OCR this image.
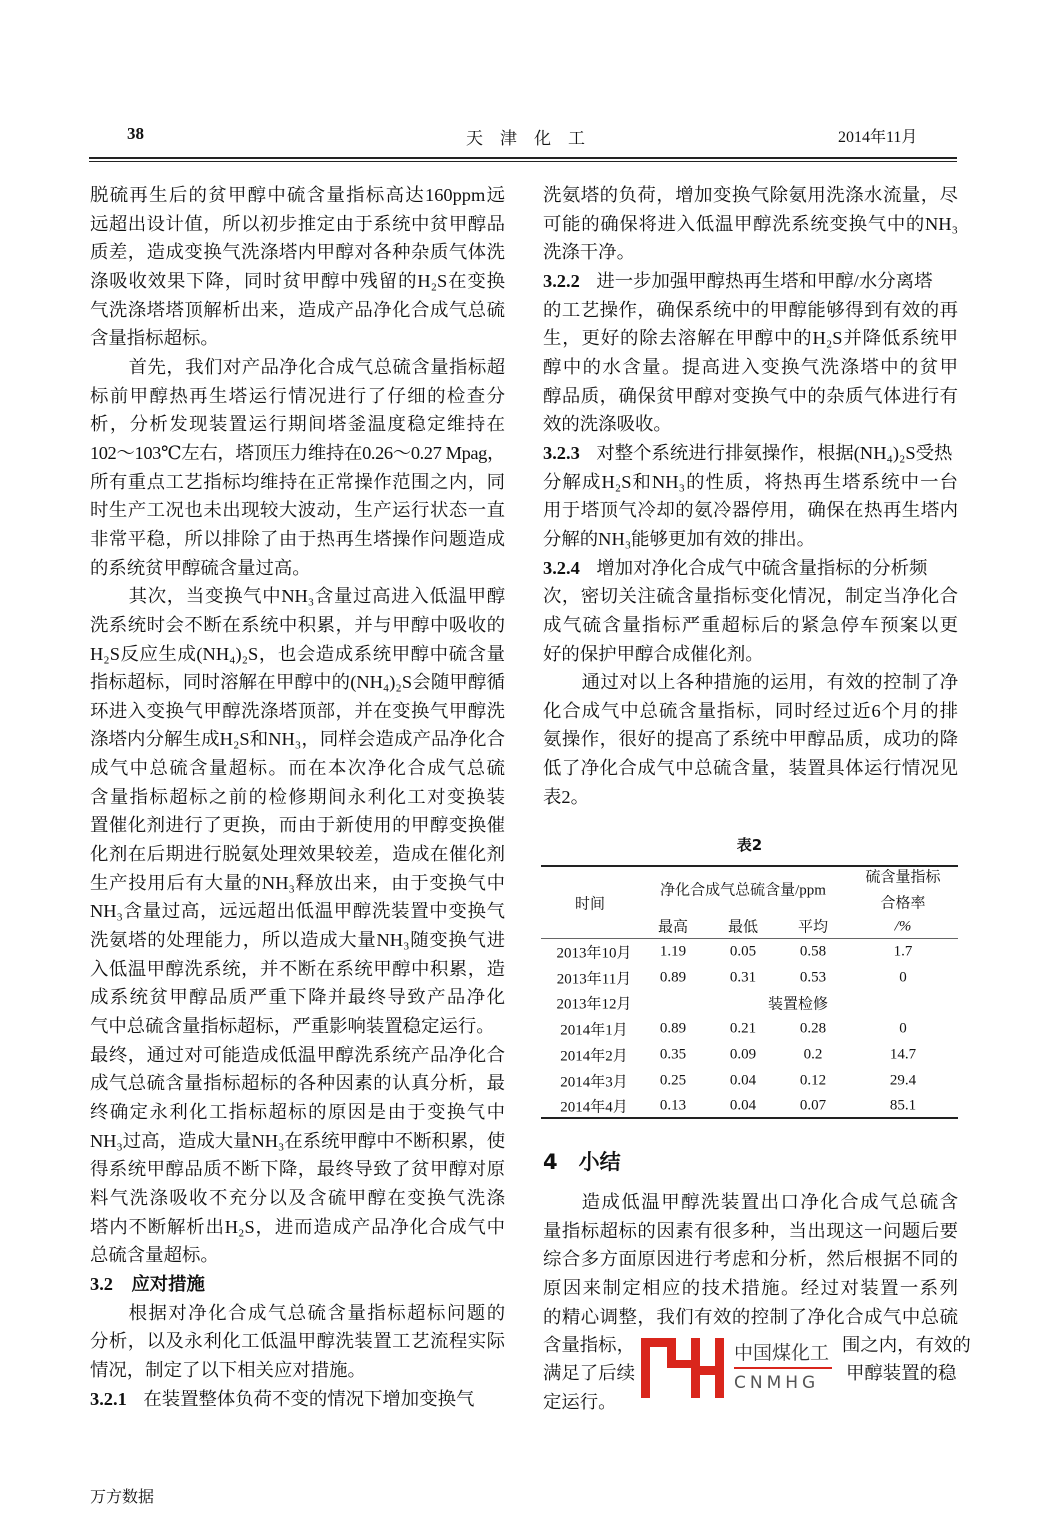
38	天　津　化　工	2014年11月
脱硫再生后的贫甲醇中硫含量指标高达160ppm远
远超出设计值，所以初步推定由于系统中贫甲醇品
质差，造成变换气洗涤塔内甲醇对各种杂质气体洗
涤吸收效果下降，同时贫甲醇中残留的H₂S在变换
气洗涤塔塔顶解析出来，造成产品净化合成气总硫
含量指标超标。
首先，我们对产品净化合成气总硫含量指标超
标前甲醇热再生塔运行情况进行了仔细的检查分
析，分析发现装置运行期间塔釜温度稳定维持在
102～103℃左右，塔顶压力维持在0.26～0.27 Mpag，
所有重点工艺指标均维持在正常操作范围之内，同
时生产工况也未出现较大波动，生产运行状态一直
非常平稳，所以排除了由于热再生塔操作问题造成
的系统贫甲醇硫含量过高。
其次，当变换气中NH₃含量过高进入低温甲醇
洗系统时会不断在系统中积累，并与甲醇中吸收的
H₂S反应生成(NH₄)₂S，也会造成系统甲醇中硫含量
指标超标，同时溶解在甲醇中的(NH₄)₂S会随甲醇循
环进入变换气甲醇洗涤塔顶部，并在变换气甲醇洗
涤塔内分解生成H₂S和NH₃，同样会造成产品净化合
成气中总硫含量超标。而在本次净化合成气总硫
含量指标超标之前的检修期间永利化工对变换装
置催化剂进行了更换，而由于新使用的甲醇变换催
化剂在后期进行脱氨处理效果较差，造成在催化剂
生产投用后有大量的NH₃释放出来，由于变换气中
NH₃含量过高，远远超出低温甲醇洗装置中变换气
洗氨塔的处理能力，所以造成大量NH₃随变换气进
入低温甲醇洗系统，并不断在系统甲醇中积累，造
成系统贫甲醇品质严重下降并最终导致产品净化
气中总硫含量指标超标，严重影响装置稳定运行。
最终，通过对可能造成低温甲醇洗系统产品净化合
成气总硫含量指标超标的各种因素的认真分析，最
终确定永利化工指标超标的原因是由于变换气中
NH₃过高，造成大量NH₃在系统甲醇中不断积累，使
得系统甲醇品质不断下降，最终导致了贫甲醇对原
料气洗涤吸收不充分以及含硫甲醇在变换气洗涤
塔内不断解析出H₂S，进而造成产品净化合成气中
总硫含量超标。
3.2　应对措施
根据对净化合成气总硫含量指标超标问题的
分析，以及永利化工低温甲醇洗装置工艺流程实际
情况，制定了以下相关应对措施。
3.2.1 在装置整体负荷不变的情况下增加变换气
洗氨塔的负荷，增加变换气除氨用洗涤水流量，尽
可能的确保将进入低温甲醇洗系统变换气中的NH₃
洗涤干净。
3.2.2 进一步加强甲醇热再生塔和甲醇/水分离塔
的工艺操作，确保系统中的甲醇能够得到有效的再
生，更好的除去溶解在甲醇中的H₂S并降低系统甲
醇中的水含量。提高进入变换气洗涤塔中的贫甲
醇品质，确保贫甲醇对变换气中的杂质气体进行有
效的洗涤吸收。
3.2.3 对整个系统进行排氨操作，根据(NH₄)₂S受热
分解成H₂S和NH₃的性质，将热再生塔系统中一台
用于塔顶气冷却的氨冷器停用，确保在热再生塔内
分解的NH₃能够更加有效的排出。
3.2.4 增加对净化合成气中硫含量指标的分析频
次，密切关注硫含量指标变化情况，制定当净化合
成气硫含量指标严重超标后的紧急停车预案以更
好的保护甲醇合成催化剂。
通过对以上各种措施的运用，有效的控制了净
化合成气中总硫含量指标，同时经过近6个月的排
氨操作，很好的提高了系统中甲醇品质，成功的降
低了净化合成气中总硫含量，装置具体运行情况见
表2。
表2
时间
净化合成气总硫含量/ppm
最高	最低	平均
硫含量指标
合格率
/%
2013年10月 1.19	0.05	0.58	1.7
2013年11月 0.89	0.31	0.53	0
2013年12月	装置检修
2014年1月 0.89	0.21	0.28	0
2014年2月 0.35	0.09	0.2	14.7
2014年3月 0.25	0.04	0.12	29.4
2014年4月 0.13	0.04	0.07	85.1
4　小结
造成低温甲醇洗装置出口净化合成气总硫含
量指标超标的因素有很多种，当出现这一问题后要
综合多方面原因进行考虑和分析，然后根据不同的
原因来制定相应的技术措施。经过对装置一系列
的精心调整，我们有效的控制了净化合成气中总硫
含量指标，	围之内，有效的
满足了后续	甲醇装置的稳
定运行。
中国煤化工
CNMHG
万方数据
